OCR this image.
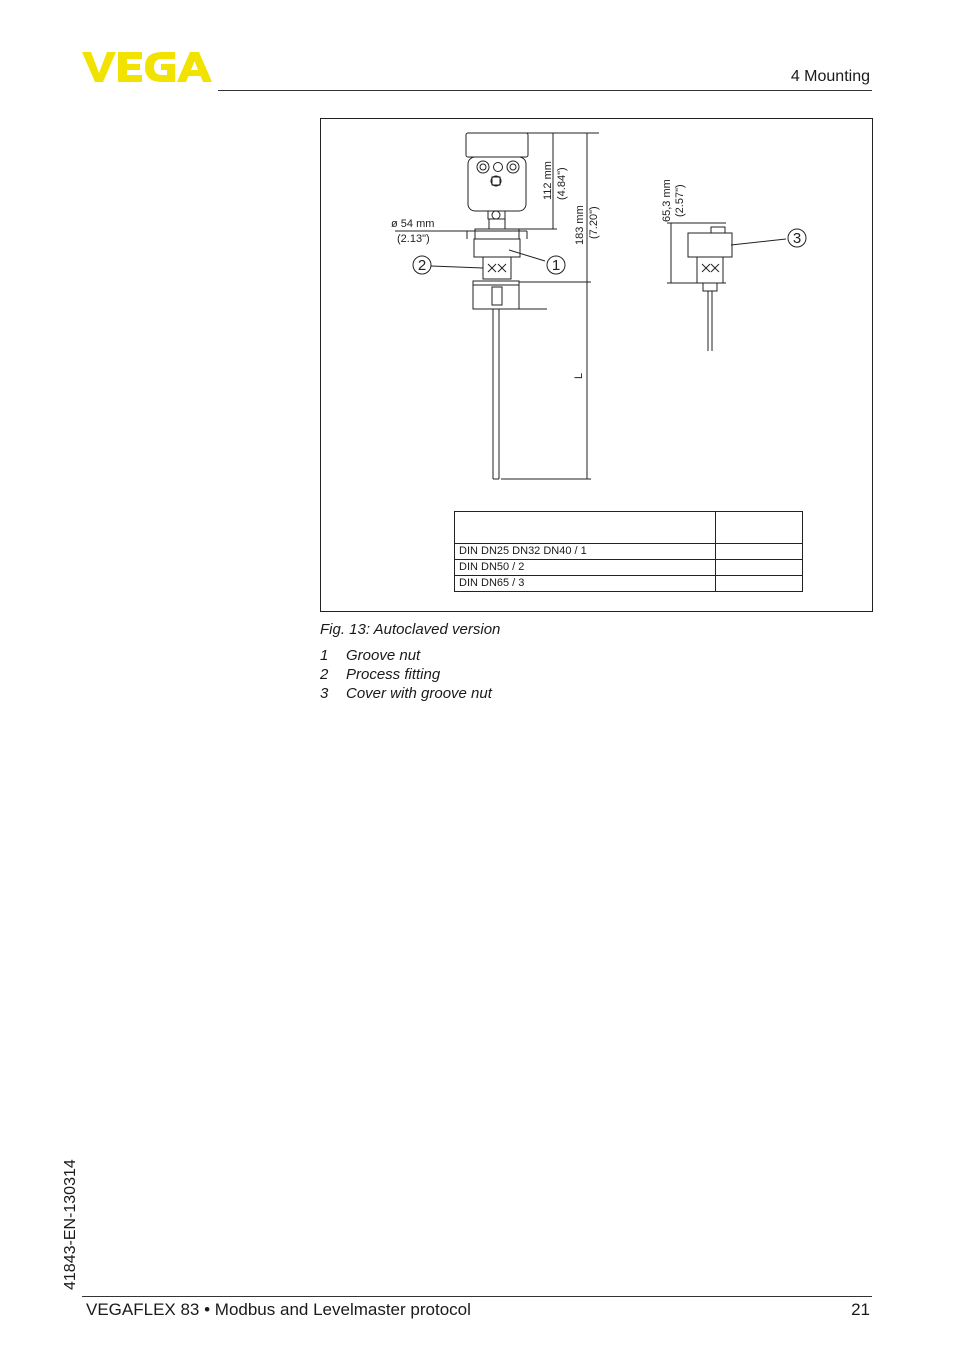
4 Mounting
ø 54 mm
(2.13")
112 mm (4.84")
183 mm (7.20")
L
65,3 mm (2.57")
1
2
3

DIN DN25 DN32 DN40 / 1	
DIN DN50 / 2	
DIN DN65 / 3	
Fig. 13: Autoclaved version
1 Groove nut
2 Process fitting
3 Cover with groove nut
41843-EN-130314
VEGAFLEX 83 • Modbus and Levelmaster protocol	21
